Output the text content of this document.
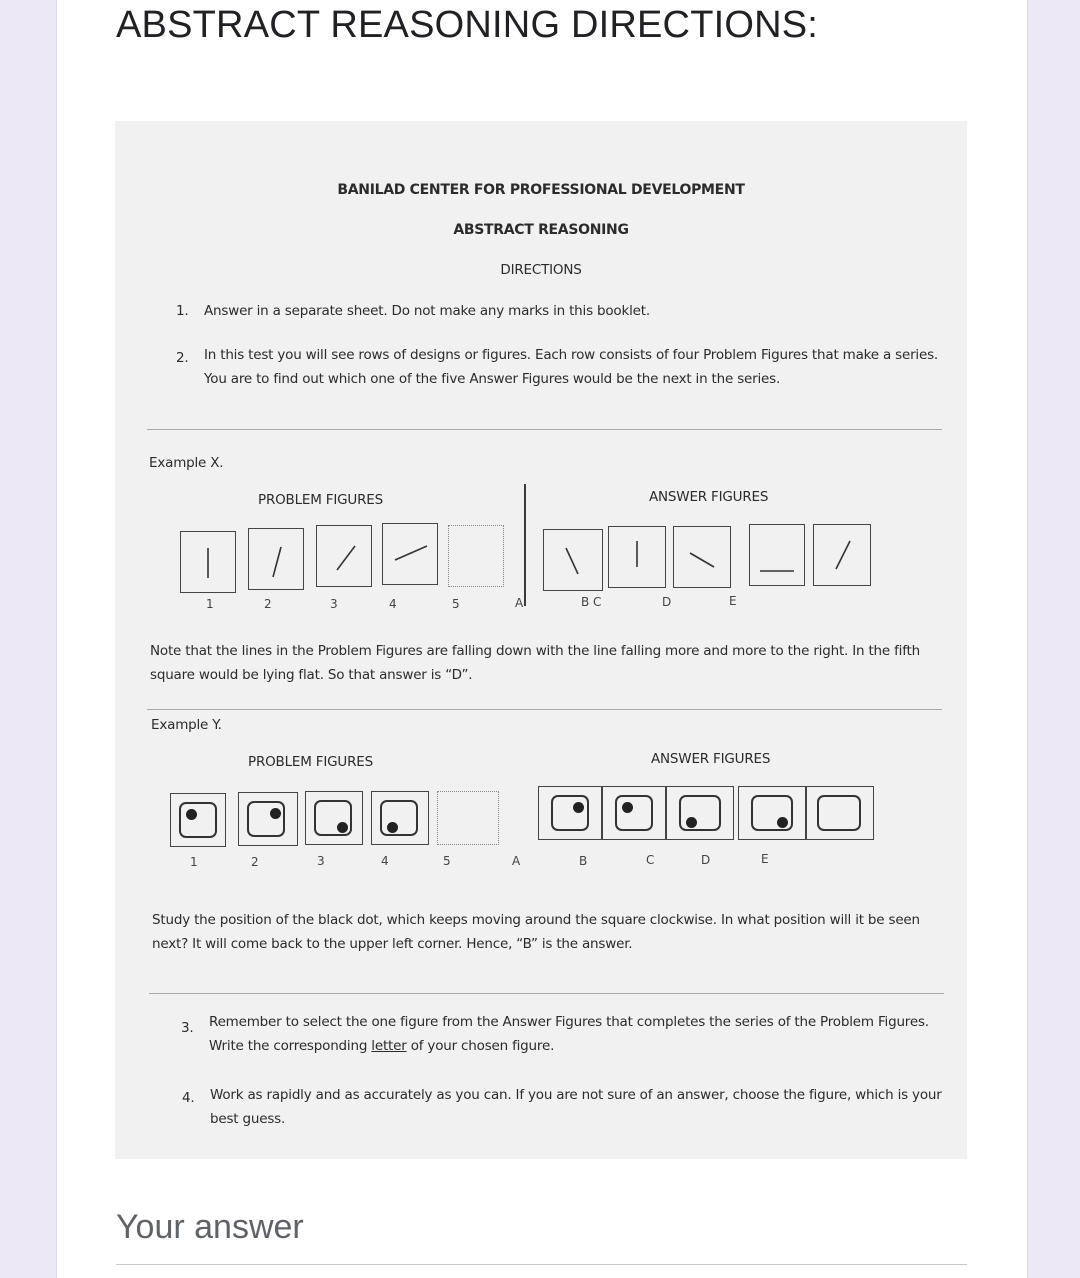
ABSTRACT REASONING DIRECTIONS:
BANILAD CENTER FOR PROFESSIONAL DEVELOPMENT
ABSTRACT REASONING
DIRECTIONS
1. Answer in a separate sheet. Do not make any marks in this booklet.
2. In this test you will see rows of designs or figures. Each row consists of four Problem Figures that make a series. You are to find out which one of the five Answer Figures would be the next in the series.
Example X.
PROBLEM FIGURES	ANSWER FIGURES
1	2	3	4	5	A	B C	D	E
Note that the lines in the Problem Figures are falling down with the line falling more and more to the right. In the fifth square would be lying flat. So that answer is “D”.
Example Y.
PROBLEM FIGURES	ANSWER FIGURES
1	2	3	4	5	A	B	C	D	E
Study the position of the black dot, which keeps moving around the square clockwise. In what position will it be seen next? It will come back to the upper left corner. Hence, “B” is the answer.
3. Remember to select the one figure from the Answer Figures that completes the series of the Problem Figures. Write the corresponding letter of your chosen figure.
4. Work as rapidly and as accurately as you can. If you are not sure of an answer, choose the figure, which is your best guess.
Your answer
